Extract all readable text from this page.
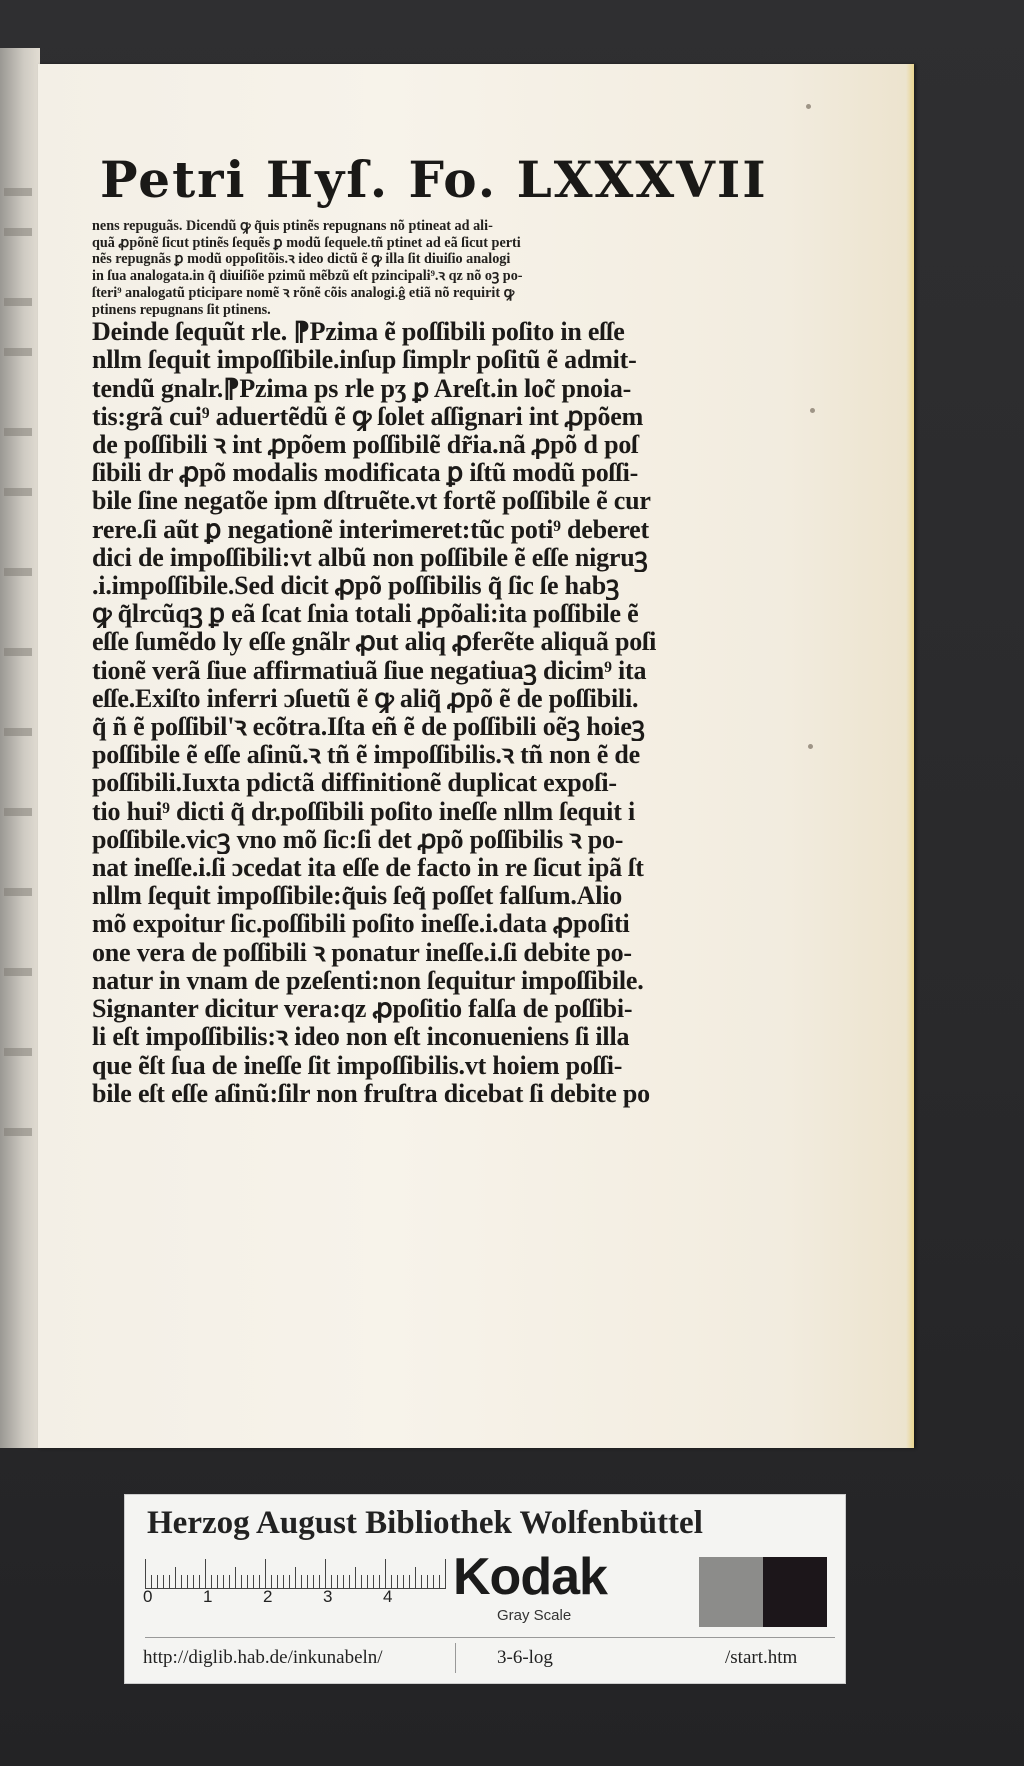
Petri Hyſ. Fo. LXXXVII
nens repuguãs. Dicendũ ꝙ q̃uis ptinẽs repugnans nõ ptineat ad ali-
quã ꝓpõnẽ ſicut ptinẽs ſequẽs ꝑ modũ ſequele.tñ ptinet ad eã ſicut perti
nẽs repugnãs ꝑ modũ oppoſitõis.ꝛ ideo dictũ ẽ ꝙ illa ſit diuiſio analogi
in ſua analogata.in q̃ diuiſiõe pzimũ mẽbzũ eſt pzincipali⁹.ꝛ qz nõ oꝫ po-
ſteri⁹ analogatũ pticipare nomẽ ꝛ rõnẽ cõis analogi.ĝ etiã nõ requirit ꝙ
ptinens repugnans ſit ptinens.
Deinde ſequũt rle. ⁋Pzima ẽ poſſibili poſito in eſſe
nllm ſequit impoſſibile.inſup ſimplr poſitũ ẽ admit-
tendũ gnalr.⁋Pzima ps rle pʒ ꝑ Areſt.in loc̃ pnoia-
tis:grã cui⁹ aduertẽdũ ẽ ꝙ ſolet aſſignari int ꝓpõem
de poſſibili ꝛ int ꝓpõem poſſibilẽ dr̃ia.nã ꝓpõ d poſ
ſibili dr ꝓpõ modalis modificata ꝑ iſtũ modũ poſſi-
bile ſine negatõe ipm dſtruẽte.vt fortẽ poſſibile ẽ cur
rere.ſi aũt ꝑ negationẽ interimeret:tũc poti⁹ deberet
dici de impoſſibili:vt albũ non poſſibile ẽ eſſe nigruꝫ
.i.impoſſibile.Sed dicit ꝓpõ poſſibilis q̃ ſic ſe habꝫ
ꝙ q̃lrcũqꝫ ꝑ eã ſcat ſnia totali ꝓpõali:ita poſſibile ẽ
eſſe ſumẽdo ly eſſe gnãlr ꝓut aliq ꝓferẽte aliquã poſi
tionẽ verã ſiue affirmatiuã ſiue negatiuaꝫ dicim⁹ ita
eſſe.Exiſto inferri ɔſuetũ ẽ ꝙ aliq̃ ꝓpõ ẽ de poſſibili.
q̃ ñ ẽ poſſibil'ꝛ ecõtra.Iſta eñ ẽ de poſſibili oẽꝫ hoieꝫ
poſſibile ẽ eſſe aſinũ.ꝛ tñ ẽ impoſſibilis.ꝛ tñ non ẽ de
poſſibili.Iuxta pdictã diffinitionẽ duplicat expoſi-
tio hui⁹ dicti q̃ dr.poſſibili poſito ineſſe nllm ſequit i
poſſibile.vicꝫ vno mõ ſic:ſi det ꝓpõ poſſibilis ꝛ po-
nat ineſſe.i.ſi ɔcedat ita eſſe de facto in re ſicut ipã ſt
nllm ſequit impoſſibile:q̃uis ſeq̃ poſſet falſum.Alio
mõ expoitur ſic.poſſibili poſito ineſſe.i.data ꝓpoſiti
one vera de poſſibili ꝛ ponatur ineſſe.i.ſi debite po-
natur in vnam de pzeſenti:non ſequitur impoſſibile.
Signanter dicitur vera:qz ꝓpoſitio falſa de poſſibi-
li eſt impoſſibilis:ꝛ ideo non eſt inconueniens ſi illa
que ẽſt ſua de ineſſe ſit impoſſibilis.vt hoiem poſſi-
bile eſt eſſe aſinũ:ſilr non fruſtra dicebat ſi debite po
Herzog August Bibliothek Wolfenbüttel
0	1	2	3	4 Kodak
Gray Scale
http://diglib.hab.de/inkunabeln/	3-6-log	/start.htm
